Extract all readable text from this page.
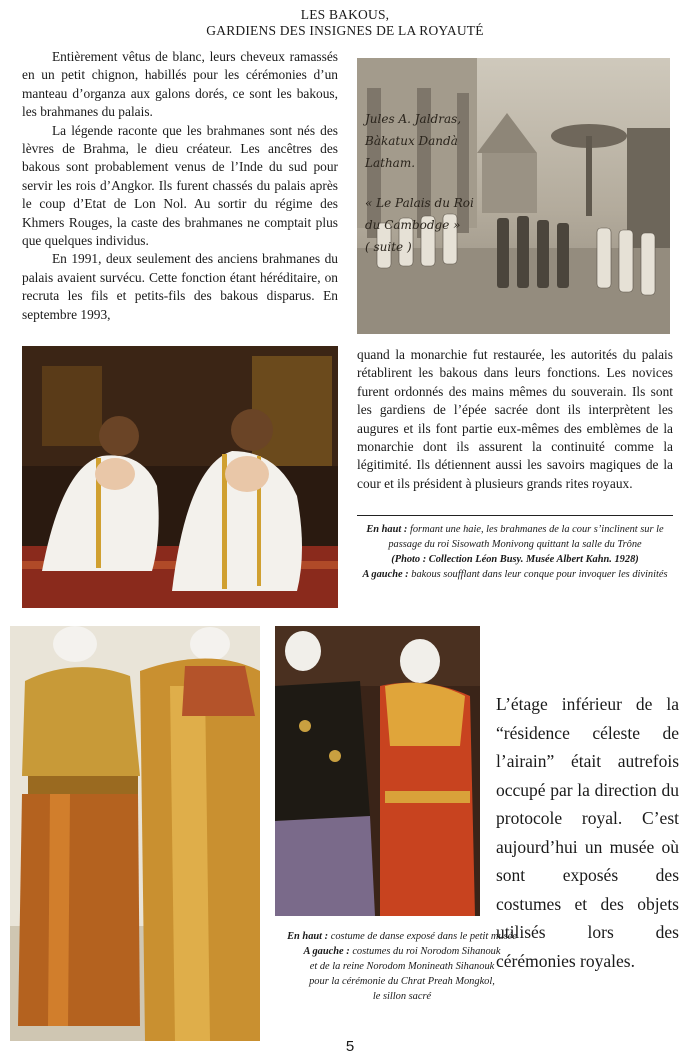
LES BAKOUS,
GARDIENS DES INSIGNES DE LA ROYAUTÉ

Entièrement vêtus de blanc, leurs cheveux ramassés en un petit chignon, habillés pour les cérémonies d’un manteau d’organza aux galons dorés, ce sont les bakous, les brahmanes du palais.

La légende raconte que les brahmanes sont nés des lèvres de Brahma, le dieu créateur. Les ancêtres des bakous sont probablement venus de l’Inde du sud pour servir les rois d’Angkor. Ils furent chassés du palais après le coup d’Etat de Lon Nol. Au sortir du régime des Khmers Rouges, la caste des brahmanes ne comptait plus que quelques individus.

En 1991, deux seulement des anciens brahmanes du palais avaient survécu. Cette fonction étant héréditaire, on recruta les fils et petits-fils des bakous disparus. En septembre 1993,

Jules A. Jaldras,
Bàkatux Dandà
Latham.
« Le Palais du Roi
du Cambodge »
( suite )

quand la monarchie fut restaurée, les autorités du palais rétablirent les bakous dans leurs fonctions. Les novices furent ordonnés des mains mêmes du souverain. Ils sont les gardiens de l’épée sacrée dont ils interprètent les augures et ils font partie eux-mêmes des emblèmes de la monarchie dont ils assurent la continuité comme la légitimité. Ils détiennent aussi les savoirs magiques de la cour et ils président à plusieurs grands rites royaux.

En haut : formant une haie, les brahmanes de la cour s’inclinent sur le passage du roi Sisowath Monivong quittant la salle du Trône
(Photo : Collection Léon Busy. Musée Albert Kahn. 1928)
A gauche : bakous soufflant dans leur conque pour invoquer les divinités

L’étage inférieur de la “résidence céleste de l’airain” était autrefois occupé par la direction du protocole royal. C’est aujourd’hui un musée où sont exposés des costumes et des objets utilisés lors des cérémonies royales.

En haut : costume de danse exposé dans le petit musée
A gauche : costumes du roi Norodom Sihanouk
et de la reine Norodom Monineath Sihanouk
pour la cérémonie du Chrat Preah Mongkol,
le sillon sacré
5
